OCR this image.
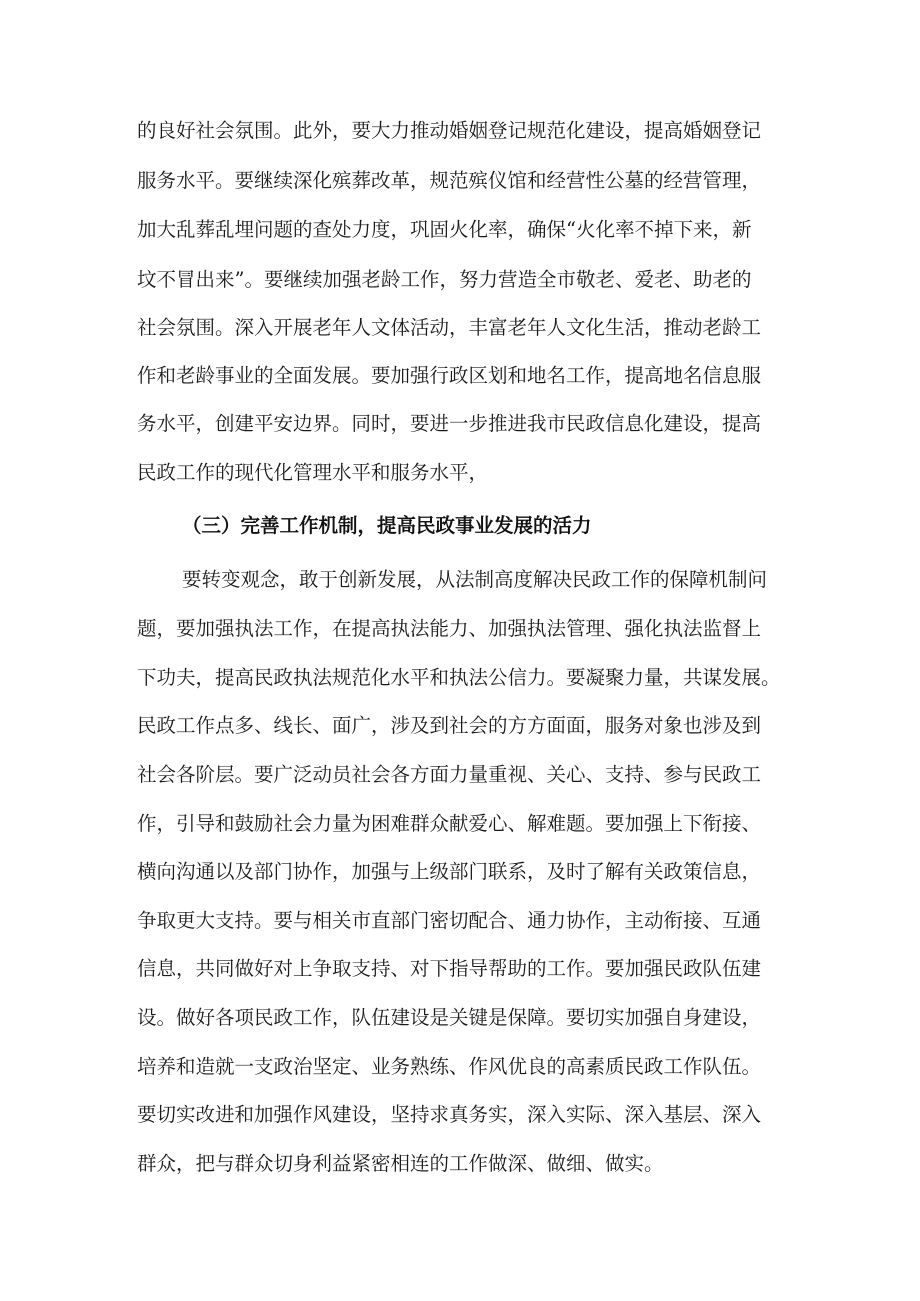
的良好社会氛围。此外，要大力推动婚姻登记规范化建设，提高婚姻登记
服务水平。要继续深化殡葬改革，规范殡仪馆和经营性公墓的经营管理，
加大乱葬乱埋问题的查处力度，巩固火化率，确保“火化率不掉下来，新
坟不冒出来”。要继续加强老龄工作，努力营造全市敬老、爱老、助老的
社会氛围。深入开展老年人文体活动，丰富老年人文化生活，推动老龄工
作和老龄事业的全面发展。要加强行政区划和地名工作，提高地名信息服
务水平，创建平安边界。同时，要进一步推进我市民政信息化建设，提高
民政工作的现代化管理水平和服务水平，
（三）完善工作机制，提高民政事业发展的活力
要转变观念，敢于创新发展，从法制高度解决民政工作的保障机制问
题，要加强执法工作，在提高执法能力、加强执法管理、强化执法监督上
下功夫，提高民政执法规范化水平和执法公信力。要凝聚力量，共谋发展。
民政工作点多、线长、面广，涉及到社会的方方面面，服务对象也涉及到
社会各阶层。要广泛动员社会各方面力量重视、关心、支持、参与民政工
作，引导和鼓励社会力量为困难群众献爱心、解难题。要加强上下衔接、
横向沟通以及部门协作，加强与上级部门联系，及时了解有关政策信息，
争取更大支持。要与相关市直部门密切配合、通力协作，主动衔接、互通
信息，共同做好对上争取支持、对下指导帮助的工作。要加强民政队伍建
设。做好各项民政工作，队伍建设是关键是保障。要切实加强自身建设，
培养和造就一支政治坚定、业务熟练、作风优良的高素质民政工作队伍。
要切实改进和加强作风建设，坚持求真务实，深入实际、深入基层、深入
群众，把与群众切身利益紧密相连的工作做深、做细、做实。
